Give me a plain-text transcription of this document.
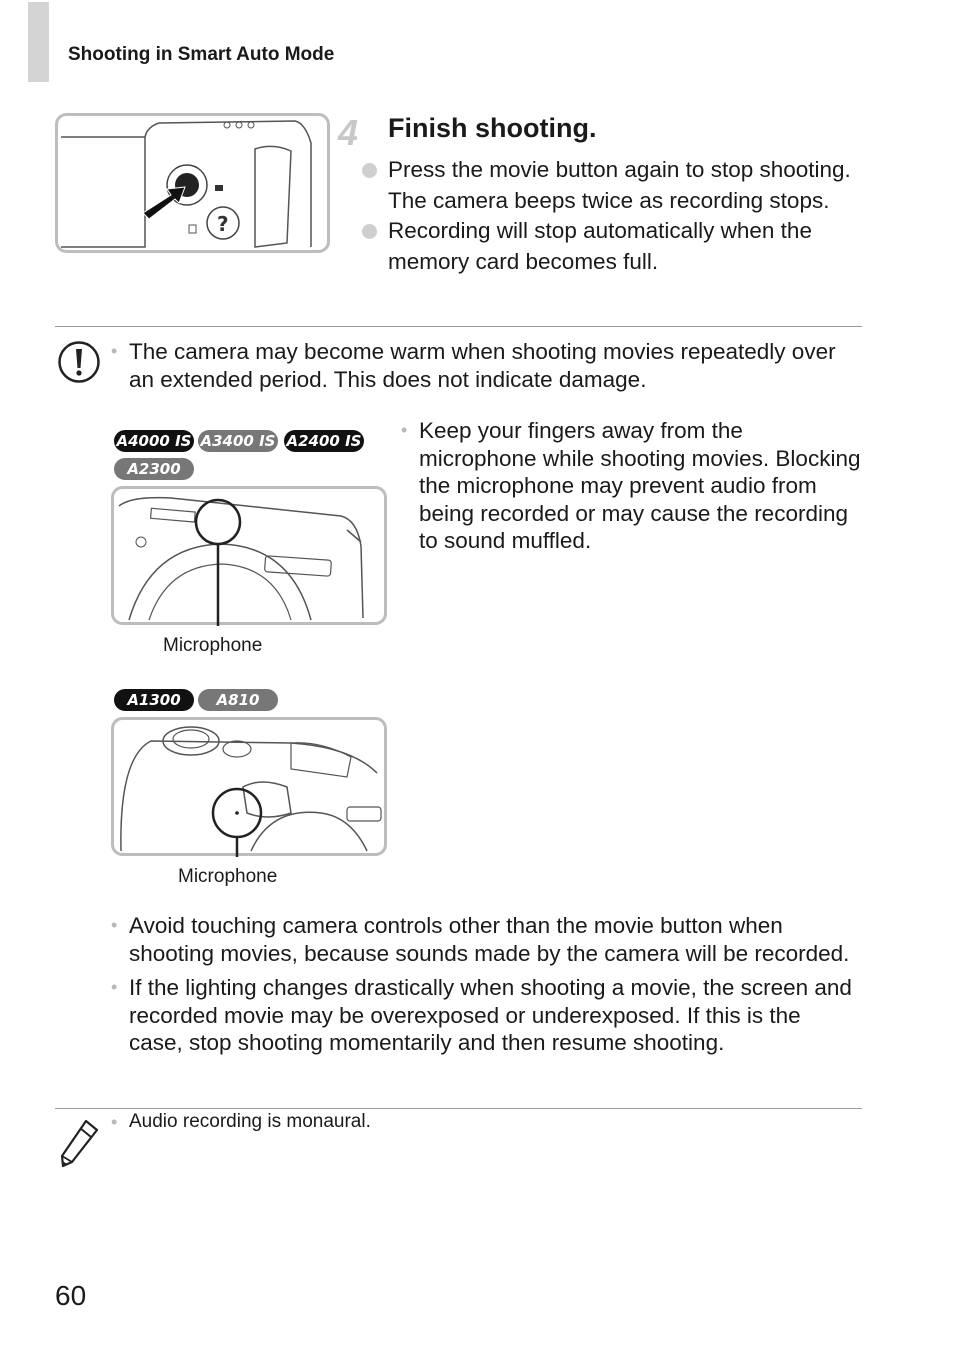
Shooting in Smart Auto Mode
?
4 Finish shooting.
Press the movie button again to stop shooting. The camera beeps twice as recording stops.
Recording will stop automatically when the memory card becomes full.
• The camera may become warm when shooting movies repeatedly over an extended period. This does not indicate damage.
• Keep your fingers away from the microphone while shooting movies. Blocking the microphone may prevent audio from being recorded or may cause the recording to sound muffled.
A4000 IS A3400 IS A2400 IS
A2300
Microphone
A1300	A810
Microphone
• Avoid touching camera controls other than the movie button when shooting movies, because sounds made by the camera will be recorded.
• If the lighting changes drastically when shooting a movie, the screen and recorded movie may be overexposed or underexposed. If this is the case, stop shooting momentarily and then resume shooting.
• Audio recording is monaural.
60
